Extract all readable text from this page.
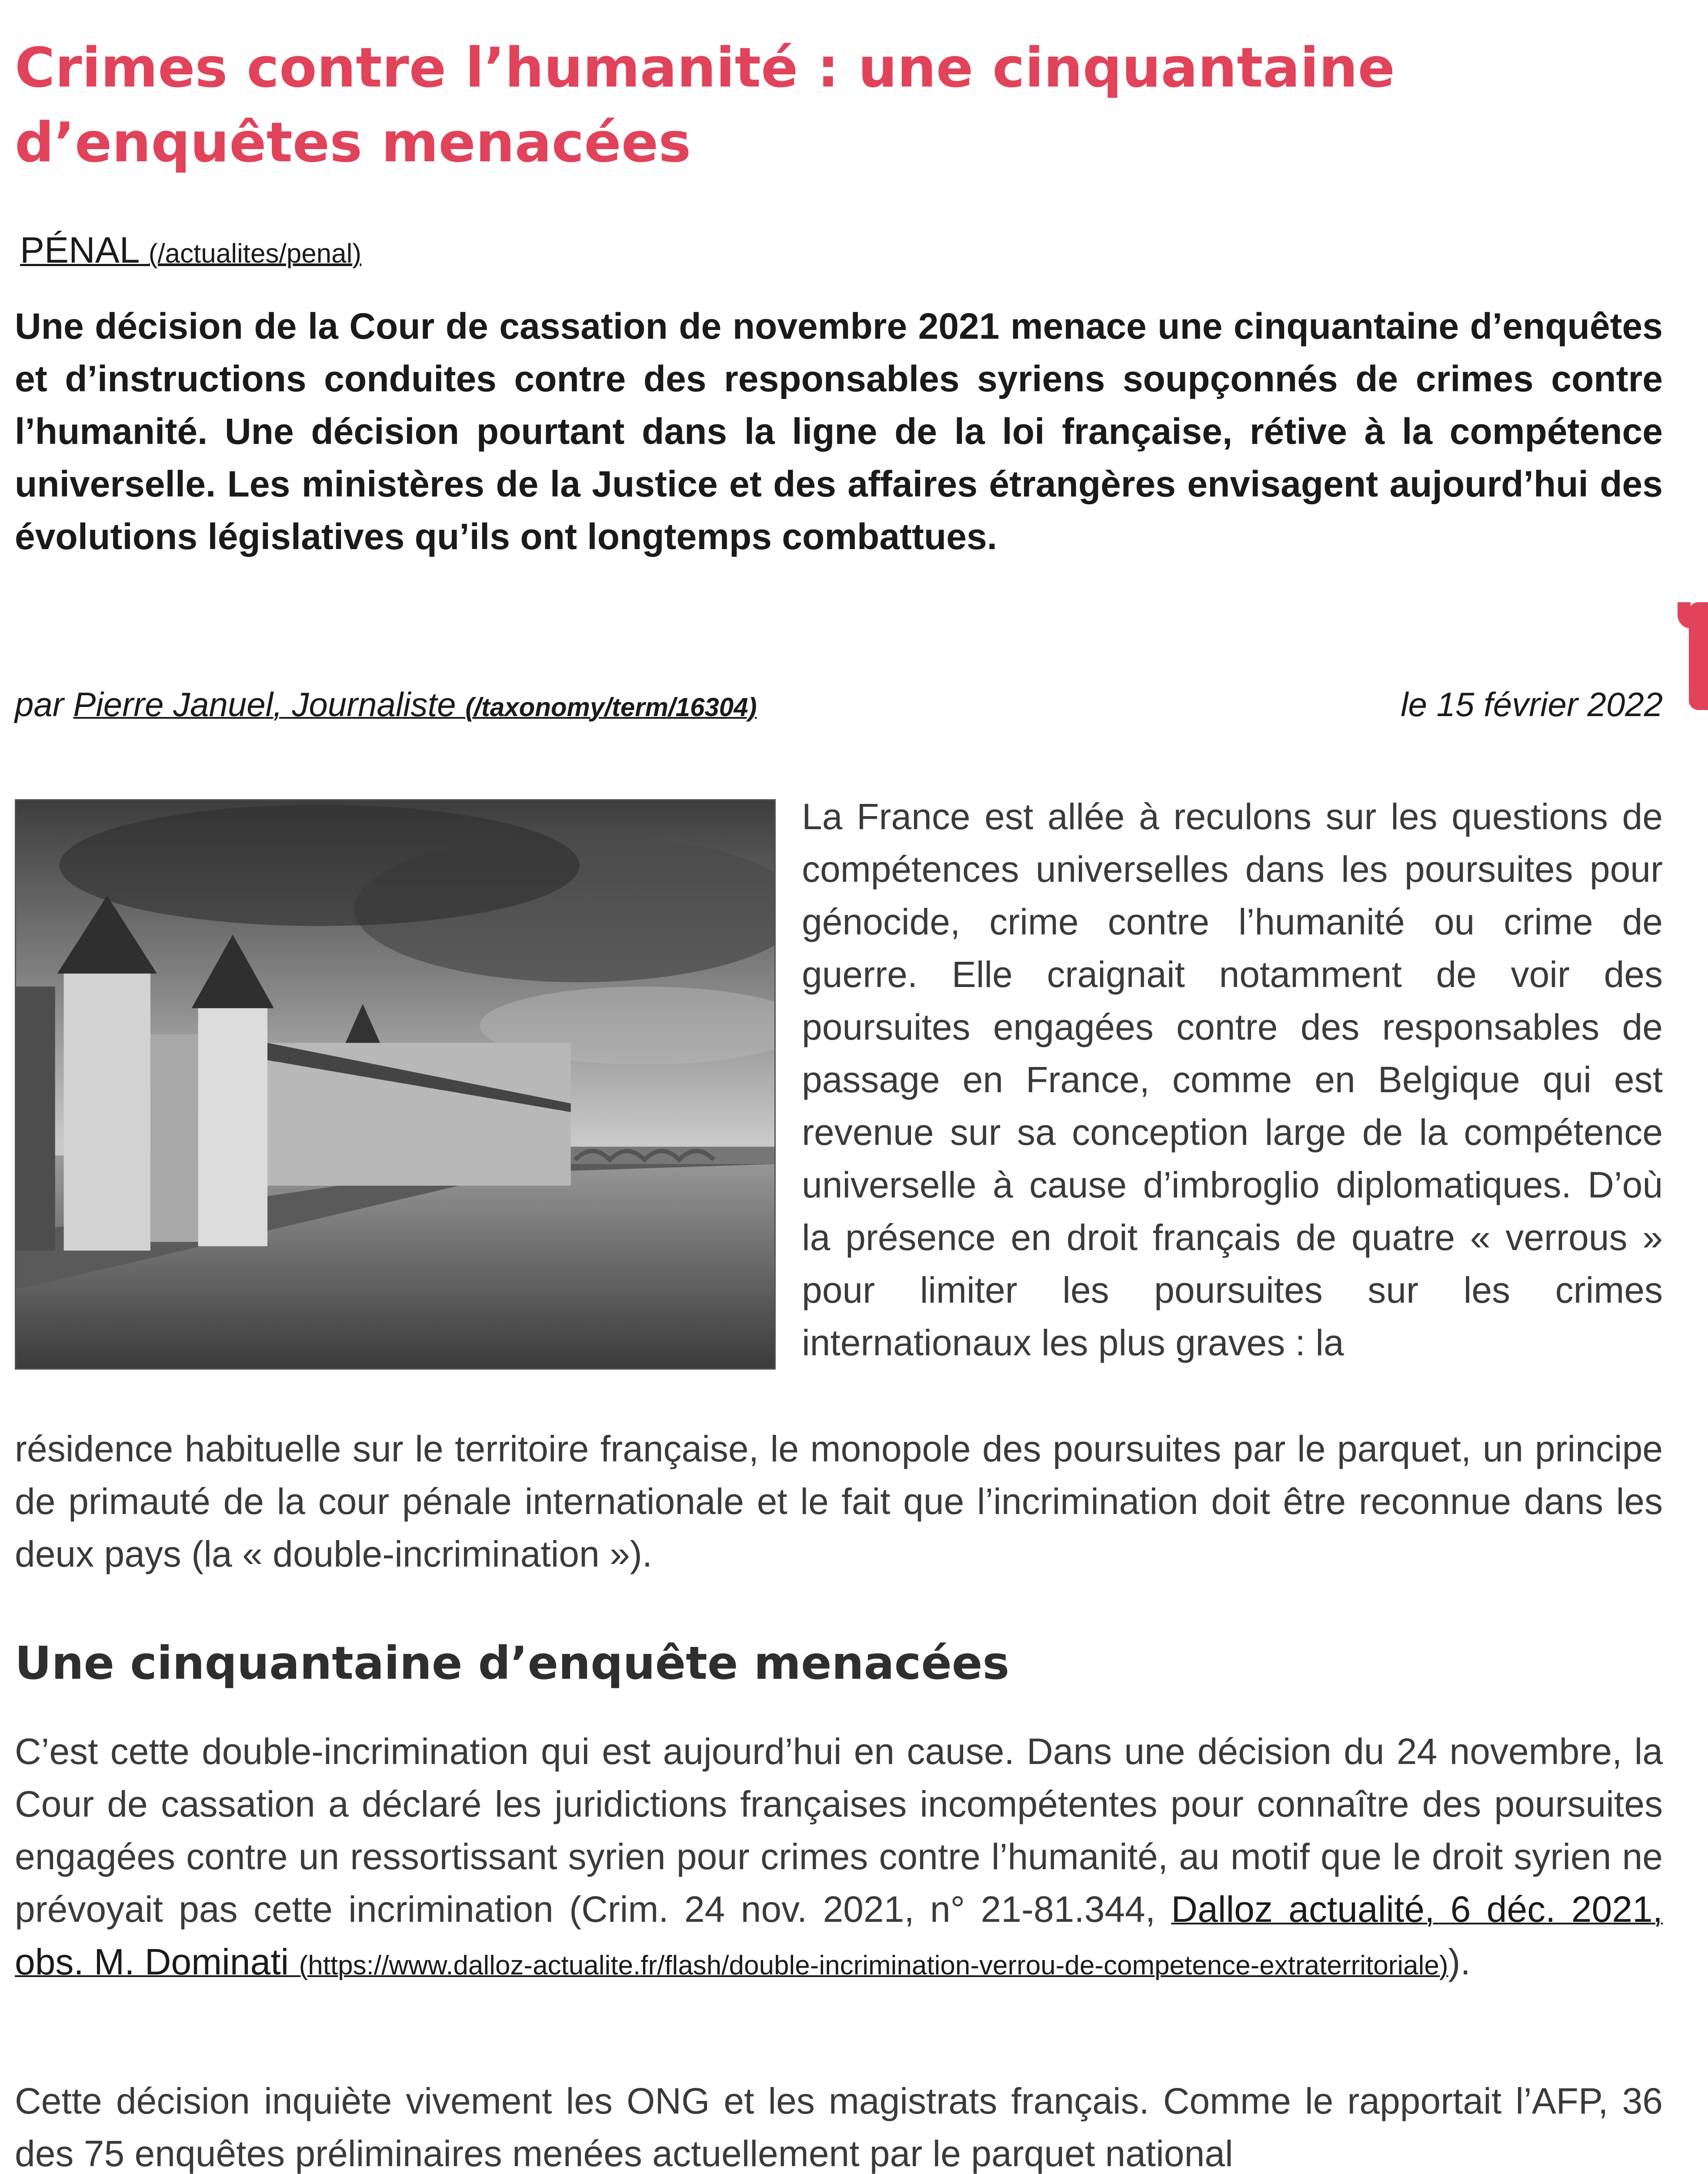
Crimes contre l’humanité : une cinquantaine d’enquêtes menacées
PÉNAL (/actualites/penal)

Une décision de la Cour de cassation de novembre 2021 menace une cinquantaine d’enquêtes et d’instructions conduites contre des responsables syriens soupçonnés de crimes contre l’humanité. Une décision pourtant dans la ligne de la loi française, rétive à la compétence universelle. Les ministères de la Justice et des affaires étrangères envisagent aujourd’hui des évolutions législatives qu’ils ont longtemps combattues.

par Pierre Januel, Journaliste (/taxonomy/term/16304)	le 15 février 2022

La France est allée à reculons sur les questions de compétences universelles dans les poursuites pour génocide, crime contre l’humanité ou crime de guerre. Elle craignait notamment de voir des poursuites engagées contre des responsables de passage en France, comme en Belgique qui est revenue sur sa conception large de la compétence universelle à cause d’imbroglio diplomatiques. D’où la présence en droit français de quatre « verrous » pour limiter les poursuites sur les crimes internationaux les plus graves : la

résidence habituelle sur le territoire française, le monopole des poursuites par le parquet, un principe de primauté de la cour pénale internationale et le fait que l’incrimination doit être reconnue dans les deux pays (la « double-incrimination »).

Une cinquantaine d’enquête menacées

C’est cette double-incrimination qui est aujourd’hui en cause. Dans une décision du 24 novembre, la Cour de cassation a déclaré les juridictions françaises incompétentes pour connaître des poursuites engagées contre un ressortissant syrien pour crimes contre l’humanité, au motif que le droit syrien ne prévoyait pas cette incrimination (Crim. 24 nov. 2021, n° 21-81.344, Dalloz actualité, 6 déc. 2021, obs. M. Dominati (https://www.dalloz-actualite.fr/flash/double-incrimination-verrou-de-competence-extraterritoriale)).

Cette décision inquiète vivement les ONG et les magistrats français. Comme le rapportait l’AFP, 36 des 75 enquêtes préliminaires menées actuellement par le parquet national
